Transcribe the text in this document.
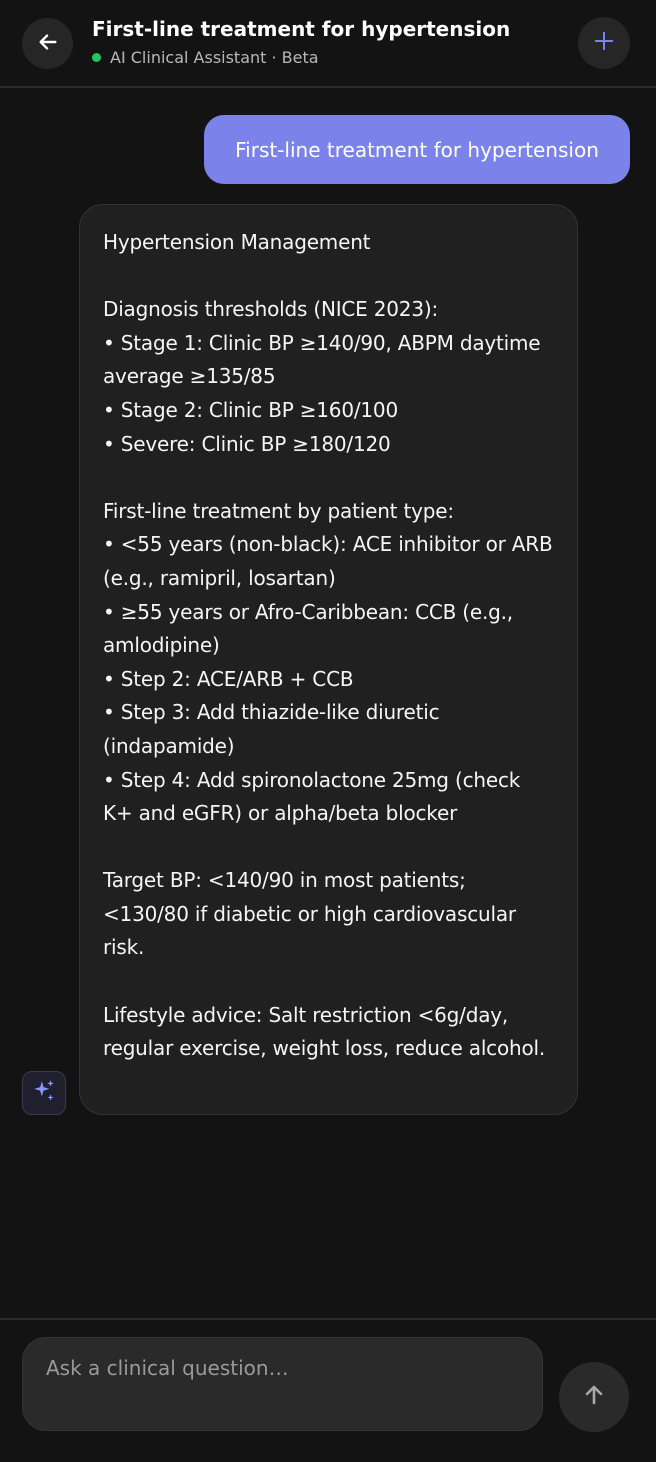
First-line treatment for hypertension
AI Clinical Assistant · Beta
First-line treatment for hypertension
Hypertension Management

Diagnosis thresholds (NICE 2023):
• Stage 1: Clinic BP ≥140/90, ABPM daytime average ≥135/85
• Stage 2: Clinic BP ≥160/100
• Severe: Clinic BP ≥180/120

First-line treatment by patient type:
• <55 years (non-black): ACE inhibitor or ARB (e.g., ramipril, losartan)
• ≥55 years or Afro-Caribbean: CCB (e.g., amlodipine)
• Step 2: ACE/ARB + CCB
• Step 3: Add thiazide-like diuretic (indapamide)
• Step 4: Add spironolactone 25mg (check K+ and eGFR) or alpha/beta blocker

Target BP: <140/90 in most patients; <130/80 if diabetic or high cardiovascular risk.

Lifestyle advice: Salt restriction <6g/day, regular exercise, weight loss, reduce alcohol.
Ask a clinical question…
